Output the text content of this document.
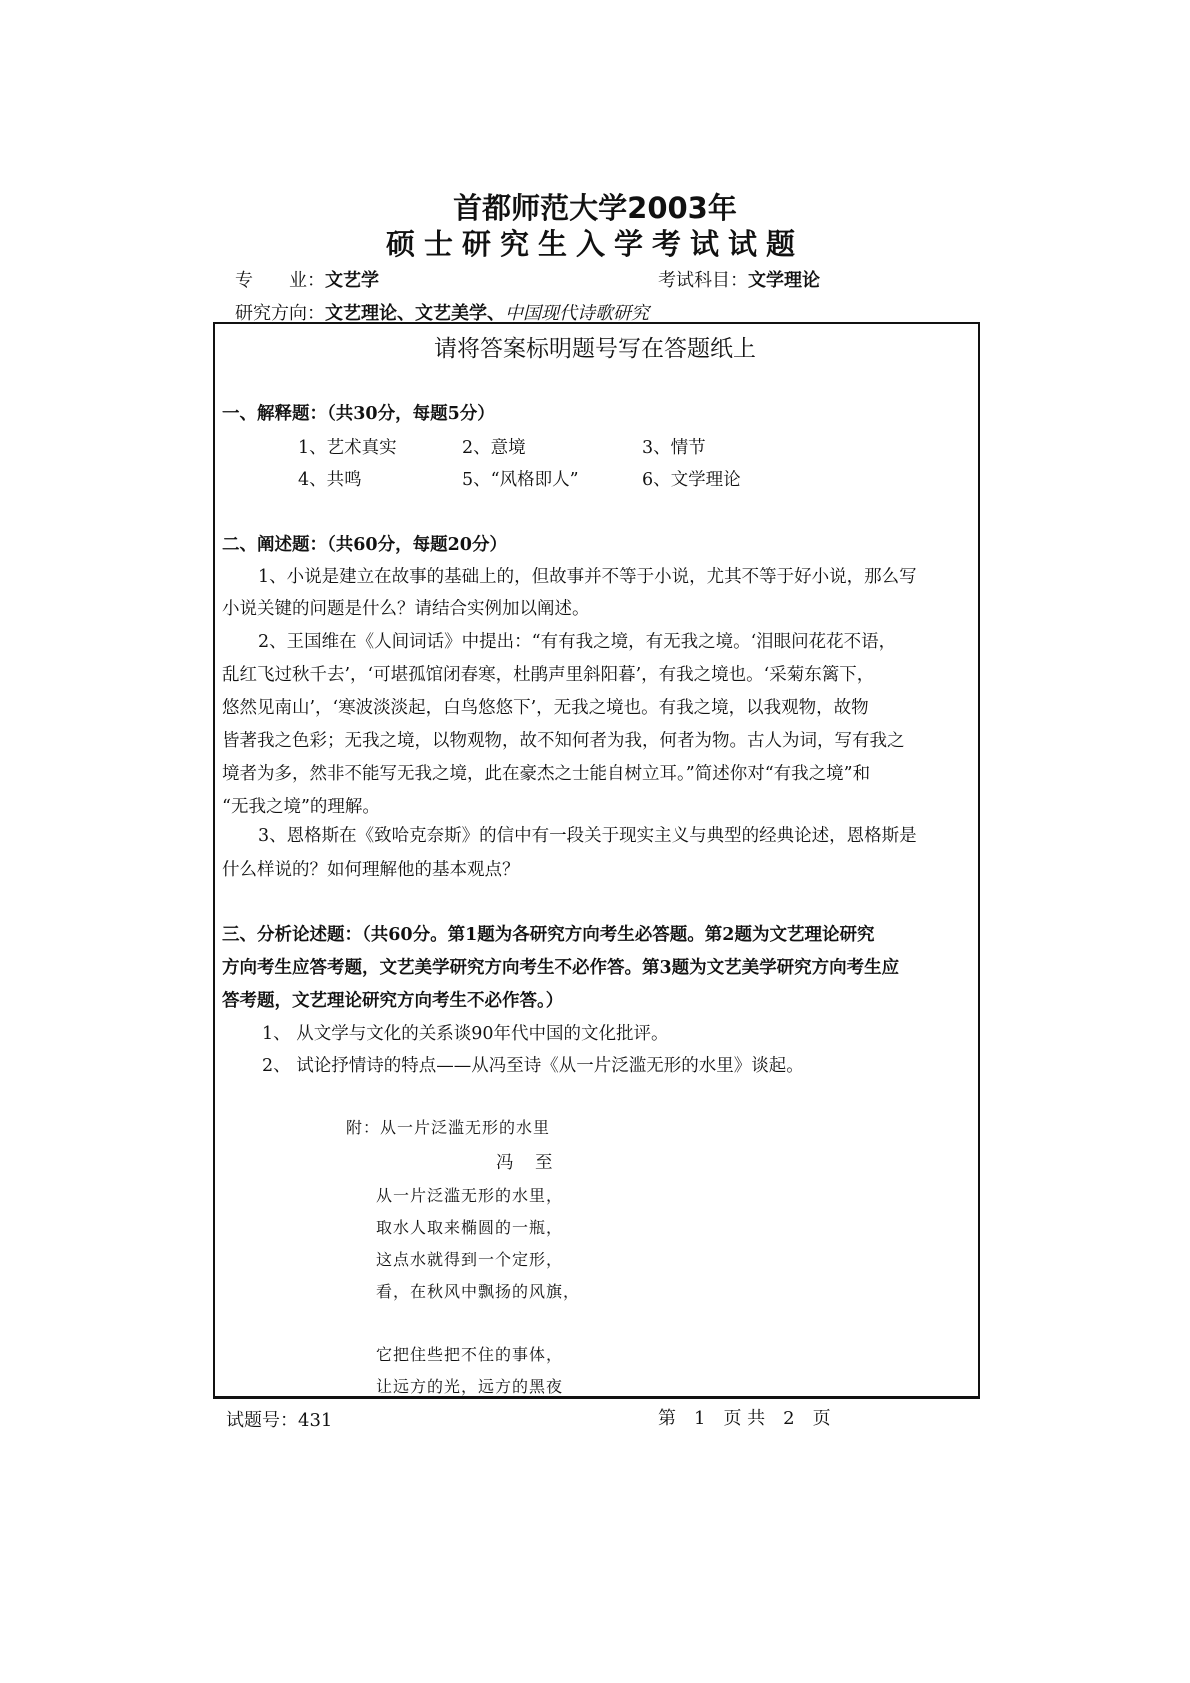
首都师范大学2003年
硕士研究生入学考试试题
专　　业：文艺学	考试科目：文学理论
研究方向：文艺理论、文艺美学、中国现代诗歌研究
请将答案标明题号写在答题纸上
一、解释题：（共30分，每题5分）
1、艺术真实	2、意境	3、情节
4、共鸣	5、“风格即人”	6、文学理论
二、阐述题：（共60分，每题20分）
1、小说是建立在故事的基础上的，但故事并不等于小说，尤其不等于好小说，那么写
小说关键的问题是什么？请结合实例加以阐述。
2、王国维在《人间词话》中提出：“有有我之境，有无我之境。‘泪眼问花花不语，
乱红飞过秋千去’，‘可堪孤馆闭春寒，杜鹃声里斜阳暮’，有我之境也。‘采菊东篱下，
悠然见南山’，‘寒波淡淡起，白鸟悠悠下’，无我之境也。有我之境，以我观物，故物
皆著我之色彩；无我之境，以物观物，故不知何者为我，何者为物。古人为词，写有我之
境者为多，然非不能写无我之境，此在豪杰之士能自树立耳。”简述你对“有我之境”和
“无我之境”的理解。
3、恩格斯在《致哈克奈斯》的信中有一段关于现实主义与典型的经典论述，恩格斯是
什么样说的？如何理解他的基本观点？
三、分析论述题：（共60分。第1题为各研究方向考生必答题。第2题为文艺理论研究
方向考生应答考题，文艺美学研究方向考生不必作答。第3题为文艺美学研究方向考生应
答考题，文艺理论研究方向考生不必作答。）
1、 从文学与文化的关系谈90年代中国的文化批评。
2、 试论抒情诗的特点——从冯至诗《从一片泛滥无形的水里》谈起。
附：从一片泛滥无形的水里
冯　至
从一片泛滥无形的水里，
取水人取来椭圆的一瓶，
这点水就得到一个定形，
看，在秋风中飘扬的风旗，
它把住些把不住的事体，
让远方的光，远方的黑夜
试题号：431	第　1　页 共　2　页
